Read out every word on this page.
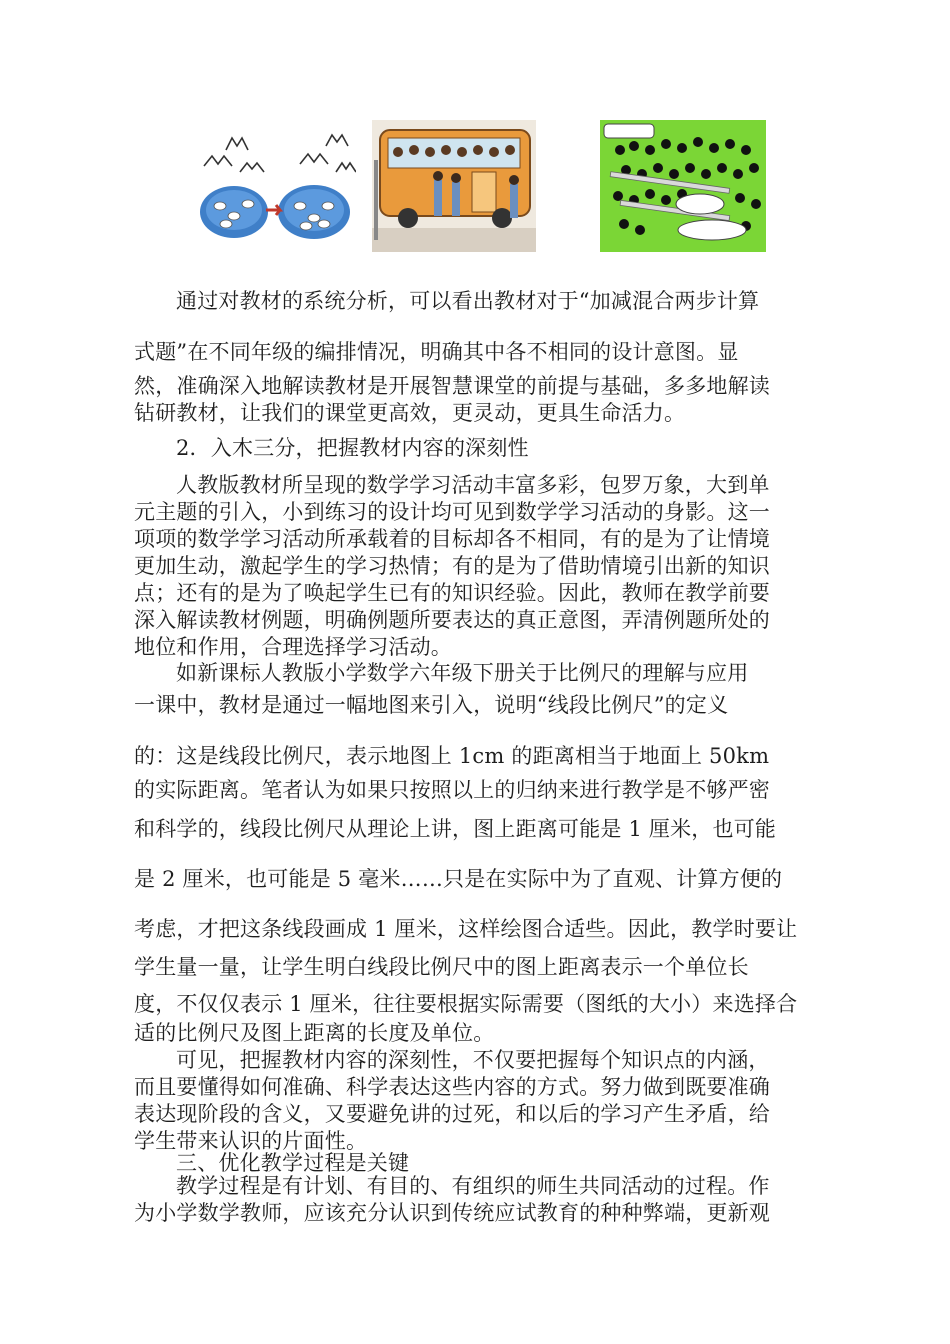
通过对教材的系统分析，可以看出教材对于“加减混合两步计算

式题”在不同年级的编排情况，明确其中各不相同的设计意图。显

然，准确深入地解读教材是开展智慧课堂的前提与基础，多多地解读

钻研教材，让我们的课堂更高效，更灵动，更具生命活力。

2．入木三分，把握教材内容的深刻性

人教版教材所呈现的数学学习活动丰富多彩，包罗万象，大到单

元主题的引入，小到练习的设计均可见到数学学习活动的身影。这一

项项的数学学习活动所承载着的目标却各不相同，有的是为了让情境

更加生动，激起学生的学习热情；有的是为了借助情境引出新的知识

点；还有的是为了唤起学生已有的知识经验。因此，教师在教学前要

深入解读教材例题，明确例题所要表达的真正意图，弄清例题所处的

地位和作用，合理选择学习活动。

如新课标人教版小学数学六年级下册关于比例尺的理解与应用

一课中，教材是通过一幅地图来引入，说明“线段比例尺”的定义

的：这是线段比例尺，表示地图上 1cm 的距离相当于地面上 50km

的实际距离。笔者认为如果只按照以上的归纳来进行教学是不够严密

和科学的，线段比例尺从理论上讲，图上距离可能是 1 厘米，也可能

是 2 厘米，也可能是 5 毫米……只是在实际中为了直观、计算方便的

考虑，才把这条线段画成 1 厘米，这样绘图合适些。因此，教学时要让

学生量一量，让学生明白线段比例尺中的图上距离表示一个单位长

度，不仅仅表示 1 厘米，往往要根据实际需要（图纸的大小）来选择合

适的比例尺及图上距离的长度及单位。

可见，把握教材内容的深刻性，不仅要把握每个知识点的内涵，

而且要懂得如何准确、科学表达这些内容的方式。努力做到既要准确

表达现阶段的含义，又要避免讲的过死，和以后的学习产生矛盾，给

学生带来认识的片面性。

三、优化教学过程是关键

教学过程是有计划、有目的、有组织的师生共同活动的过程。作

为小学数学教师，应该充分认识到传统应试教育的种种弊端，更新观
